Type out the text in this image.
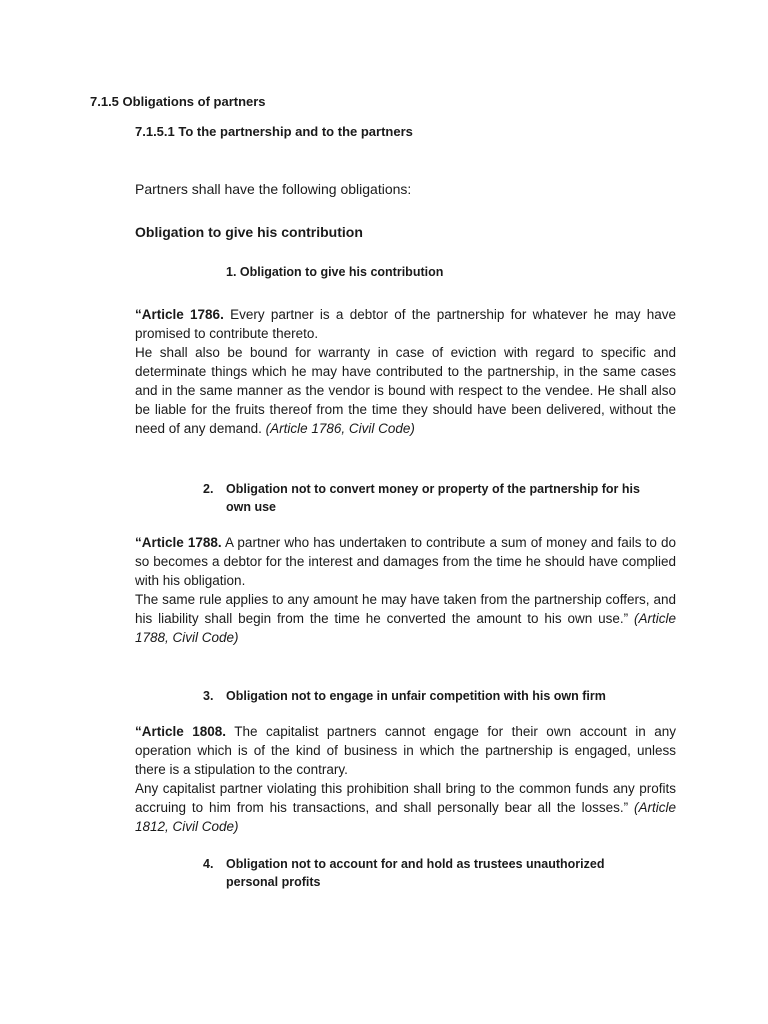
7.1.5 Obligations of partners
7.1.5.1 To the partnership and to the partners
Partners shall have the following obligations:
Obligation to give his contribution
1. Obligation to give his contribution

“Article 1786. Every partner is a debtor of the partnership for whatever he may have promised to contribute thereto.

He shall also be bound for warranty in case of eviction with regard to specific and determinate things which he may have contributed to the partnership, in the same cases and in the same manner as the vendor is bound with respect to the vendee. He shall also be liable for the fruits thereof from the time they should have been delivered, without the need of any demand. (Article 1786, Civil Code)

2.	Obligation not to convert money or property of the partnership for his own use

“Article 1788. A partner who has undertaken to contribute a sum of money and fails to do so becomes a debtor for the interest and damages from the time he should have complied with his obligation.

The same rule applies to any amount he may have taken from the partnership coffers, and his liability shall begin from the time he converted the amount to his own use.” (Article 1788, Civil Code)

3.	Obligation not to engage in unfair competition with his own firm

“Article 1808. The capitalist partners cannot engage for their own account in any operation which is of the kind of business in which the partnership is engaged, unless there is a stipulation to the contrary.

Any capitalist partner violating this prohibition shall bring to the common funds any profits accruing to him from his transactions, and shall personally bear all the losses.” (Article 1812, Civil Code)

4.	Obligation not to account for and hold as trustees unauthorized personal profits
